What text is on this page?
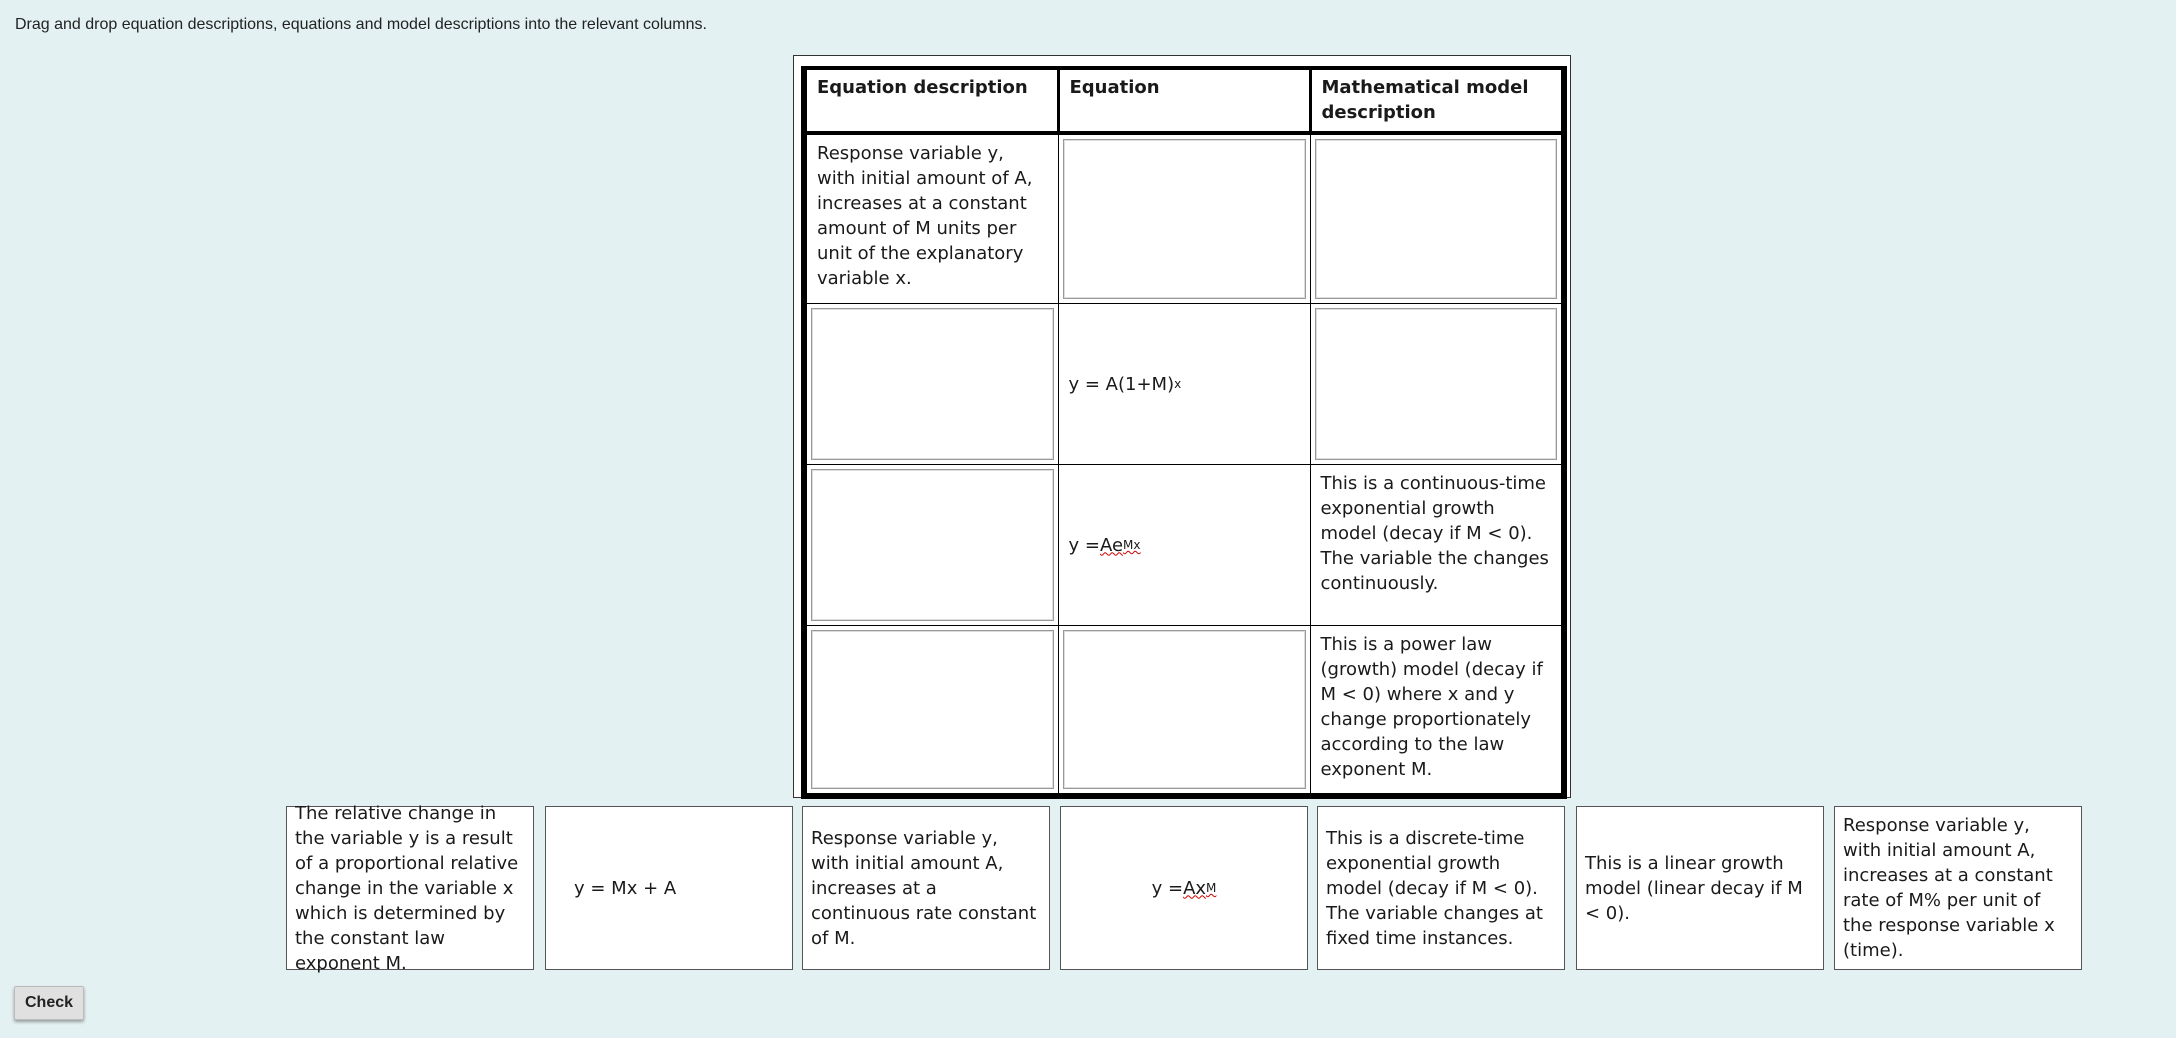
Drag and drop equation descriptions, equations and model descriptions into the relevant columns.
Equation description	Equation	Mathematical model description

Response variable y, with initial amount of A, increases at a constant amount of M units per unit of the explanatory variable x.		

	y = A(1+M) x	

	y = Ae Mx	This is a continuous-time exponential growth model (decay if M < 0). The variable the changes continuously.

		This is a power law (growth) model (decay if M < 0) where x and y change proportionately according to the law exponent M.
The relative change in the variable y is a result of a proportional relative change in the variable x which is determined by the constant law exponent M.
y = Mx + A
Response variable y, with initial amount A, increases at a continuous rate constant of M.
y = Ax M
This is a discrete-time exponential growth model (decay if M < 0). The variable changes at fixed time instances.
This is a linear growth model (linear decay if M < 0).
Response variable y, with initial amount A, increases at a constant rate of M% per unit of the response variable x (time).
Check
